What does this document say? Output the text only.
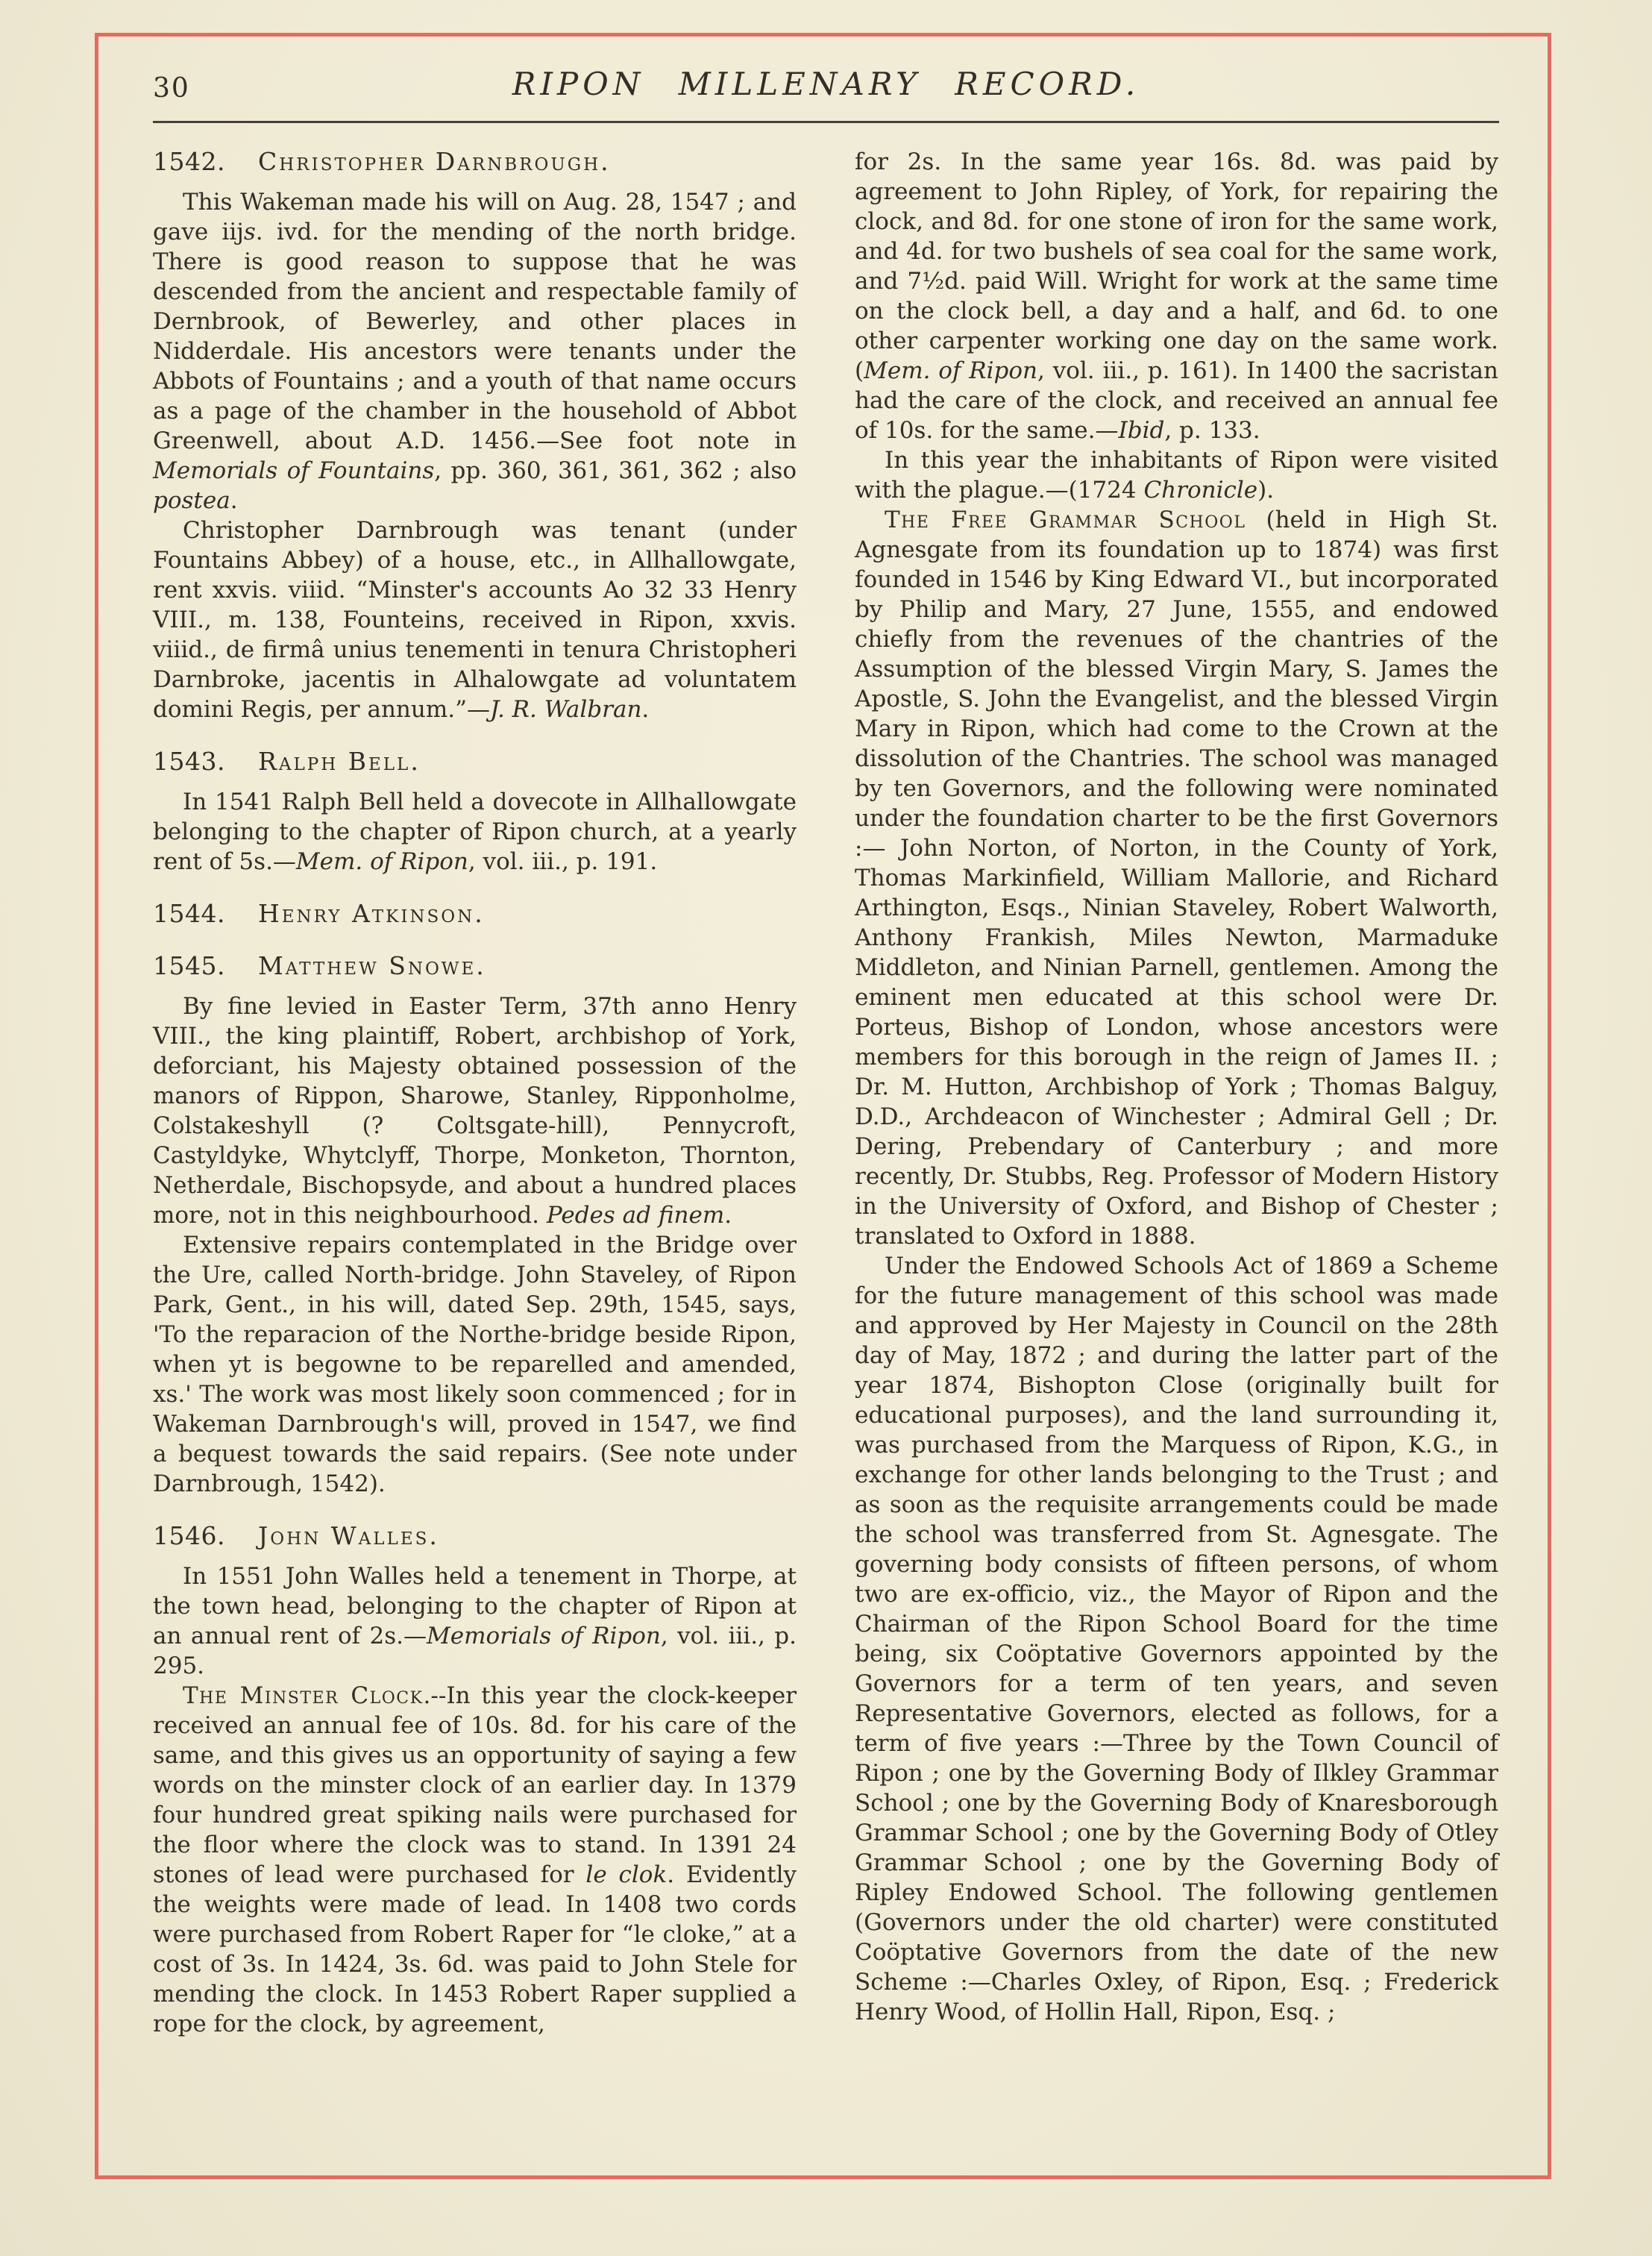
30	RIPON MILLENARY RECORD.
1542. Christopher Darnbrough.

This Wakeman made his will on Aug. 28, 1547 ; and gave iijs. ivd. for the mending of the north bridge. There is good reason to suppose that he was descended from the ancient and respectable family of Dernbrook, of Bewerley, and other places in Nidderdale. His ancestors were tenants under the Abbots of Fountains ; and a youth of that name occurs as a page of the chamber in the household of Abbot Greenwell, about A.D. 1456.—See foot note in Memorials of Fountains, pp. 360, 361, 361, 362 ; also postea.

Christopher Darnbrough was tenant (under Fountains Abbey) of a house, etc., in Allhallowgate, rent xxvis. viiid. “Minster's accounts Ao 32 33 Henry VIII., m. 138, Founteins, received in Ripon, xxvis. viiid., de firmâ unius tenementi in tenura Christopheri Darnbroke, jacentis in Alhalowgate ad voluntatem domini Regis, per annum.”—J. R. Walbran.

1543. Ralph Bell.

In 1541 Ralph Bell held a dovecote in Allhallowgate belonging to the chapter of Ripon church, at a yearly rent of 5s.—Mem. of Ripon, vol. iii., p. 191.

1544. Henry Atkinson.
1545. Matthew Snowe.

By fine levied in Easter Term, 37th anno Henry VIII., the king plaintiff, Robert, archbishop of York, deforciant, his Majesty obtained possession of the manors of Rippon, Sharowe, Stanley, Ripponholme, Colstakeshyll (? Coltsgate-hill), Pennycroft, Castyldyke, Whytclyff, Thorpe, Monketon, Thornton, Netherdale, Bischopsyde, and about a hundred places more, not in this neighbourhood. Pedes ad finem.

Extensive repairs contemplated in the Bridge over the Ure, called North-bridge. John Staveley, of Ripon Park, Gent., in his will, dated Sep. 29th, 1545, says, 'To the reparacion of the Northe-bridge beside Ripon, when yt is begowne to be reparelled and amended, xs.' The work was most likely soon commenced ; for in Wakeman Darnbrough's will, proved in 1547, we find a bequest towards the said repairs. (See note under Darnbrough, 1542).

1546. John Walles.

In 1551 John Walles held a tenement in Thorpe, at the town head, belonging to the chapter of Ripon at an annual rent of 2s.—Memorials of Ripon, vol. iii., p. 295.

The Minster Clock.--In this year the clock-keeper received an annual fee of 10s. 8d. for his care of the same, and this gives us an opportunity of saying a few words on the minster clock of an earlier day. In 1379 four hundred great spiking nails were purchased for the floor where the clock was to stand. In 1391 24 stones of lead were purchased for le clok. Evidently the weights were made of lead. In 1408 two cords were purchased from Robert Raper for “le cloke,” at a cost of 3s. In 1424, 3s. 6d. was paid to John Stele for mending the clock. In 1453 Robert Raper supplied a rope for the clock, by agreement,

for 2s. In the same year 16s. 8d. was paid by agreement to John Ripley, of York, for repairing the clock, and 8d. for one stone of iron for the same work, and 4d. for two bushels of sea coal for the same work, and 7½d. paid Will. Wright for work at the same time on the clock bell, a day and a half, and 6d. to one other carpenter working one day on the same work. (Mem. of Ripon, vol. iii., p. 161). In 1400 the sacristan had the care of the clock, and received an annual fee of 10s. for the same.—Ibid, p. 133.

In this year the inhabitants of Ripon were visited with the plague.—(1724 Chronicle).

The Free Grammar School (held in High St. Agnesgate from its foundation up to 1874) was first founded in 1546 by King Edward VI., but incorporated by Philip and Mary, 27 June, 1555, and endowed chiefly from the revenues of the chantries of the Assumption of the blessed Virgin Mary, S. James the Apostle, S. John the Evangelist, and the blessed Virgin Mary in Ripon, which had come to the Crown at the dissolution of the Chantries. The school was managed by ten Governors, and the following were nominated under the foundation charter to be the first Governors :— John Norton, of Norton, in the County of York, Thomas Markinfield, William Mallorie, and Richard Arthington, Esqs., Ninian Staveley, Robert Walworth, Anthony Frankish, Miles Newton, Marmaduke Middleton, and Ninian Parnell, gentlemen. Among the eminent men educated at this school were Dr. Porteus, Bishop of London, whose ancestors were members for this borough in the reign of James II. ; Dr. M. Hutton, Archbishop of York ; Thomas Balguy, D.D., Archdeacon of Winchester ; Admiral Gell ; Dr. Dering, Prebendary of Canterbury ; and more recently, Dr. Stubbs, Reg. Professor of Modern History in the University of Oxford, and Bishop of Chester ; translated to Oxford in 1888.

Under the Endowed Schools Act of 1869 a Scheme for the future management of this school was made and approved by Her Majesty in Council on the 28th day of May, 1872 ; and during the latter part of the year 1874, Bishopton Close (originally built for educational purposes), and the land surrounding it, was purchased from the Marquess of Ripon, K.G., in exchange for other lands belonging to the Trust ; and as soon as the requisite arrangements could be made the school was transferred from St. Agnesgate. The governing body consists of fifteen persons, of whom two are ex-officio, viz., the Mayor of Ripon and the Chairman of the Ripon School Board for the time being, six Coöptative Governors appointed by the Governors for a term of ten years, and seven Representative Governors, elected as follows, for a term of five years :—Three by the Town Council of Ripon ; one by the Governing Body of Ilkley Grammar School ; one by the Governing Body of Knaresborough Grammar School ; one by the Governing Body of Otley Grammar School ; one by the Governing Body of Ripley Endowed School. The following gentlemen (Governors under the old charter) were constituted Coöptative Governors from the date of the new Scheme :—Charles Oxley, of Ripon, Esq. ; Frederick Henry Wood, of Hollin Hall, Ripon, Esq. ;
